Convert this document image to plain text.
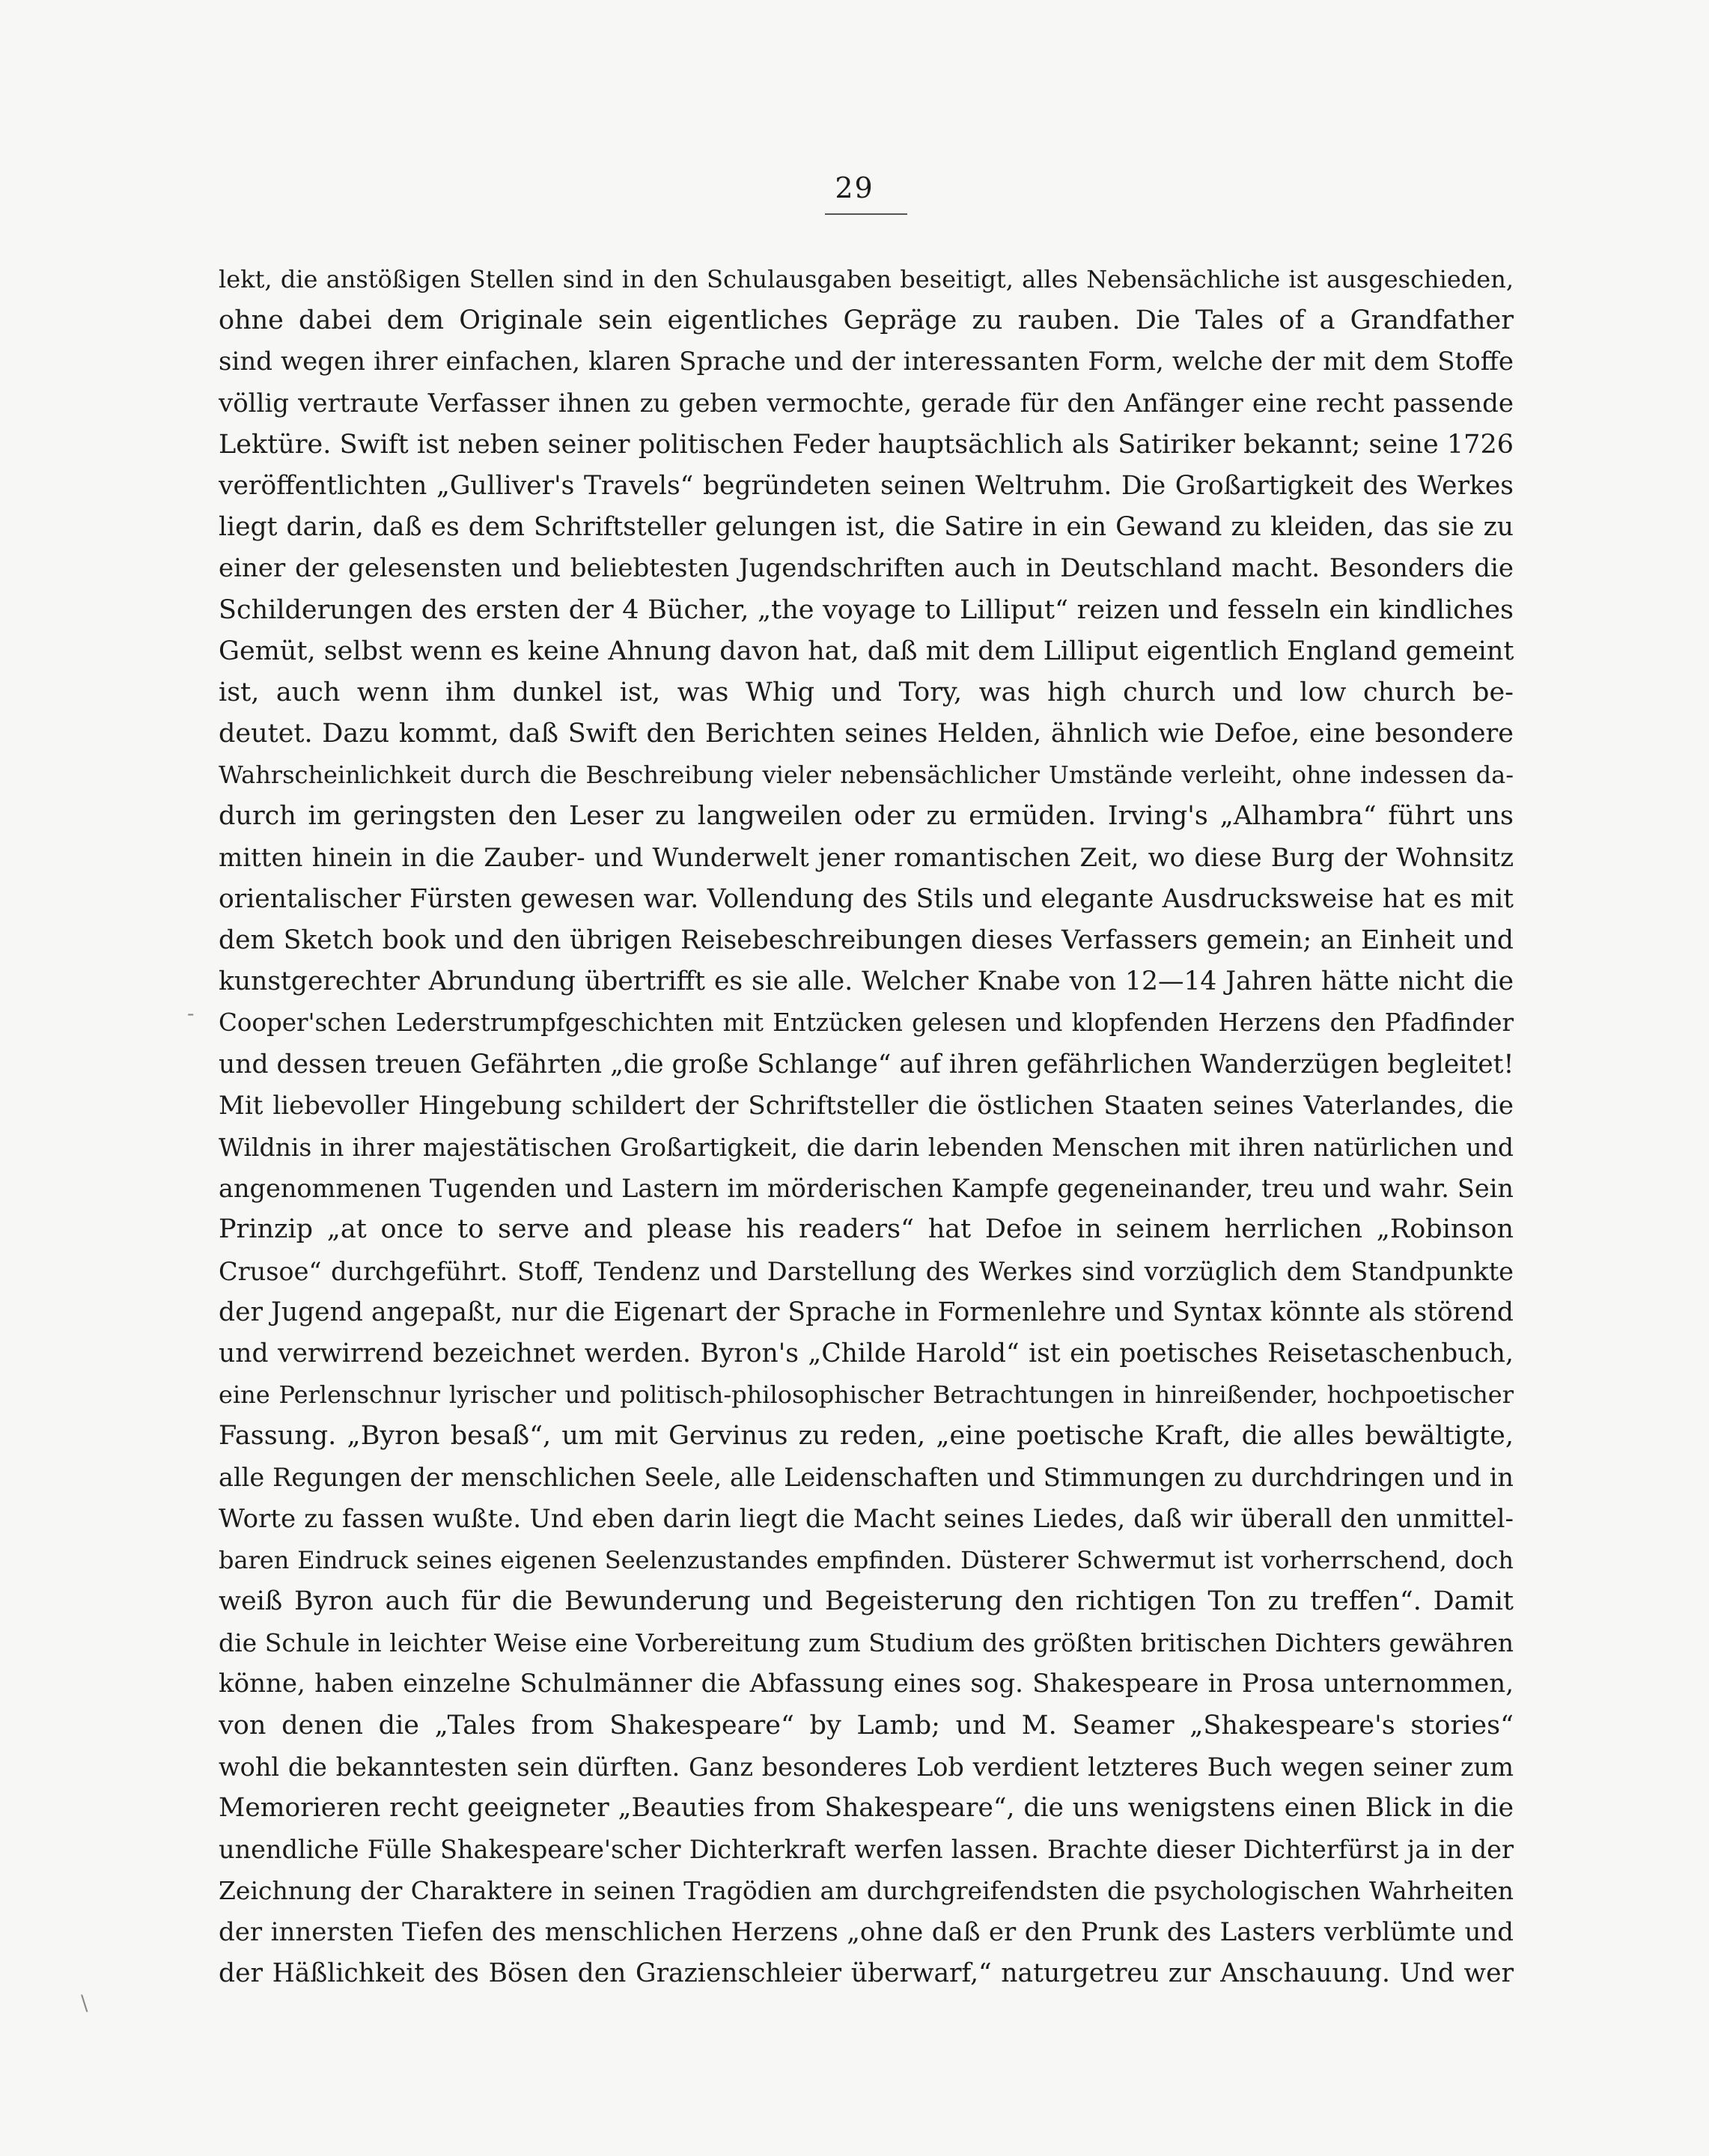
29
lekt, die anstößigen Stellen sind in den Schulausgaben beseitigt, alles Nebensächliche ist ausgeschieden,
ohne dabei dem Originale sein eigentliches Gepräge zu rauben. Die Tales of a Grandfather
sind wegen ihrer einfachen, klaren Sprache und der interessanten Form, welche der mit dem Stoffe
völlig vertraute Verfasser ihnen zu geben vermochte, gerade für den Anfänger eine recht passende
Lektüre. Swift ist neben seiner politischen Feder hauptsächlich als Satiriker bekannt; seine 1726
veröffentlichten „Gulliver's Travels“ begründeten seinen Weltruhm. Die Großartigkeit des Werkes
liegt darin, daß es dem Schriftsteller gelungen ist, die Satire in ein Gewand zu kleiden, das sie zu
einer der gelesensten und beliebtesten Jugendschriften auch in Deutschland macht. Besonders die
Schilderungen des ersten der 4 Bücher, „the voyage to Lilliput“ reizen und fesseln ein kindliches
Gemüt, selbst wenn es keine Ahnung davon hat, daß mit dem Lilliput eigentlich England gemeint
ist, auch wenn ihm dunkel ist, was Whig und Tory, was high church und low church be-
deutet. Dazu kommt, daß Swift den Berichten seines Helden, ähnlich wie Defoe, eine besondere
Wahrscheinlichkeit durch die Beschreibung vieler nebensächlicher Umstände verleiht, ohne indessen da-
durch im geringsten den Leser zu langweilen oder zu ermüden. Irving's „Alhambra“ führt uns
mitten hinein in die Zauber- und Wunderwelt jener romantischen Zeit, wo diese Burg der Wohnsitz
orientalischer Fürsten gewesen war. Vollendung des Stils und elegante Ausdrucksweise hat es mit
dem Sketch book und den übrigen Reisebeschreibungen dieses Verfassers gemein; an Einheit und
kunstgerechter Abrundung übertrifft es sie alle. Welcher Knabe von 12—14 Jahren hätte nicht die
Cooper'schen Lederstrumpfgeschichten mit Entzücken gelesen und klopfenden Herzens den Pfadfinder
und dessen treuen Gefährten „die große Schlange“ auf ihren gefährlichen Wanderzügen begleitet!
Mit liebevoller Hingebung schildert der Schriftsteller die östlichen Staaten seines Vaterlandes, die
Wildnis in ihrer majestätischen Großartigkeit, die darin lebenden Menschen mit ihren natürlichen und
angenommenen Tugenden und Lastern im mörderischen Kampfe gegeneinander, treu und wahr. Sein
Prinzip „at once to serve and please his readers“ hat Defoe in seinem herrlichen „Robinson
Crusoe“ durchgeführt. Stoff, Tendenz und Darstellung des Werkes sind vorzüglich dem Standpunkte
der Jugend angepaßt, nur die Eigenart der Sprache in Formenlehre und Syntax könnte als störend
und verwirrend bezeichnet werden. Byron's „Childe Harold“ ist ein poetisches Reisetaschenbuch,
eine Perlenschnur lyrischer und politisch-philosophischer Betrachtungen in hinreißender, hochpoetischer
Fassung. „Byron besaß“, um mit Gervinus zu reden, „eine poetische Kraft, die alles bewältigte,
alle Regungen der menschlichen Seele, alle Leidenschaften und Stimmungen zu durchdringen und in
Worte zu fassen wußte. Und eben darin liegt die Macht seines Liedes, daß wir überall den unmittel-
baren Eindruck seines eigenen Seelenzustandes empfinden. Düsterer Schwermut ist vorherrschend, doch
weiß Byron auch für die Bewunderung und Begeisterung den richtigen Ton zu treffen“. Damit
die Schule in leichter Weise eine Vorbereitung zum Studium des größten britischen Dichters gewähren
könne, haben einzelne Schulmänner die Abfassung eines sog. Shakespeare in Prosa unternommen,
von denen die „Tales from Shakespeare“ by Lamb; und M. Seamer „Shakespeare's stories“
wohl die bekanntesten sein dürften. Ganz besonderes Lob verdient letzteres Buch wegen seiner zum
Memorieren recht geeigneter „Beauties from Shakespeare“, die uns wenigstens einen Blick in die
unendliche Fülle Shakespeare'scher Dichterkraft werfen lassen. Brachte dieser Dichterfürst ja in der
Zeichnung der Charaktere in seinen Tragödien am durchgreifendsten die psychologischen Wahrheiten
der innersten Tiefen des menschlichen Herzens „ohne daß er den Prunk des Lasters verblümte und
der Häßlichkeit des Bösen den Grazienschleier überwarf,“ naturgetreu zur Anschauung. Und wer
-
\
